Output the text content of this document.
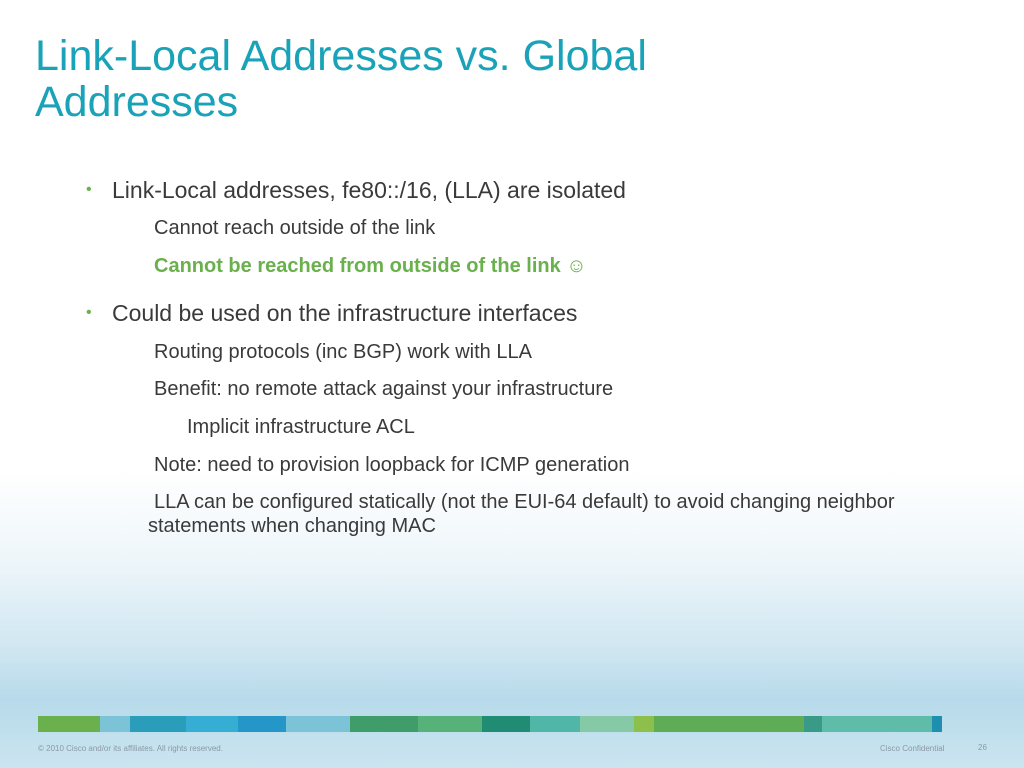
Link-Local Addresses vs. Global
Addresses
• Link-Local addresses, fe80::/16, (LLA) are isolated
Cannot reach outside of the link
Cannot be reached from outside of the link ☺
• Could be used on the infrastructure interfaces
Routing protocols (inc BGP) work with LLA
Benefit: no remote attack against your infrastructure
Implicit infrastructure ACL
Note: need to provision loopback for ICMP generation
LLA can be configured statically (not the EUI-64 default) to avoid changing neighbor statements when changing MAC
© 2010 Cisco and/or its affiliates. All rights reserved.	Cisco Confidential	26
